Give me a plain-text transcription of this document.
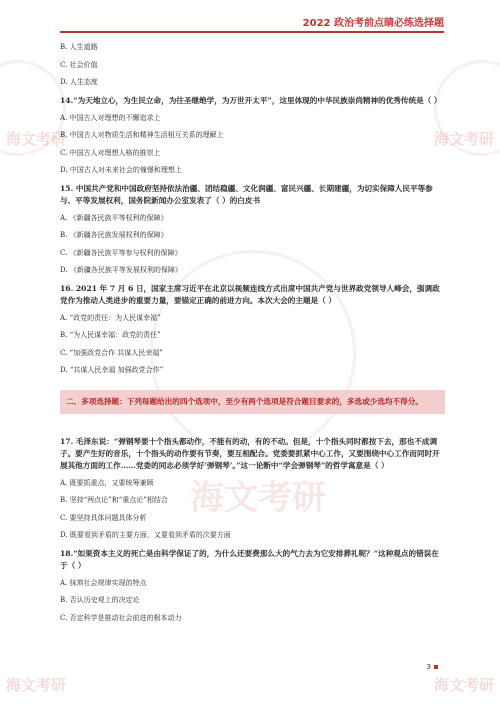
海文考研	海文考研
海文考研	海文考研
海文考研
2022 政治考前点睛必练选择题

B. 人生道路

C. 社会价值

D. 人生态度

14.“为天地立心，为生民立命，为往圣继绝学，为万世开太平”，这里体现的中华民族崇尚精神的优秀传统是（ ）

A. 中国古人对理想的不懈追求上

B. 中国古人对物质生活和精神生活相互关系的理解上

C. 中国古人对理想人格的推崇上

D. 中国古人对未来社会的憧憬和理想上

15. 中国共产党和中国政府坚持依法治疆、团结稳疆、文化润疆、富民兴疆、长期建疆，为切实保障人民平等参与、平等发展权利，国务院新闻办公室发表了（ ）的白皮书

A. 《新疆各民族平等权利的保障》

B. 《新疆各民族发展权利的保障》

C. 《新疆各民族平等参与权利的保障》

D. 《新疆各民族平等发展权利的保障》

16. 2021 年 7 月 6 日，国家主席习近平在北京以视频连线方式出席中国共产党与世界政党领导人峰会，强调政党作为推动人类进步的重要力量，要锚定正确的前进方向。本次大会的主题是（ ）

A. “政党的责任：为人民谋幸福”

B. “为人民谋幸福：政党的责任”

C. “加强政党合作 共谋人民幸福”

D. “共谋人民幸福 加强政党合作”

二、多项选择题：下列每题给出的四个选项中，至少有两个选项是符合题目要求的，多选或少选均不得分。

17. 毛泽东说：“弹钢琴要十个指头都动作，不能有的动，有的不动。但是，十个指头同时都按下去，那也不成调子。要产生好的音乐，十个指头的动作要有节奏，要互相配合。党委要抓紧中心工作，又要围绕中心工作而同时开展其他方面的工作……党委的同志必须学好‘弹钢琴’。”这一论断中“学会弹钢琴”的哲学寓意是（ ）

A. 既要抓重点，又要统筹兼顾

B. 坚持“两点论”和“重点论”相结合

C. 要坚持具体问题具体分析

D. 既要看到矛盾的主要方面，又要看到矛盾的次要方面

18.“如果资本主义的死亡是由科学保证了的，为什么还要费那么大的气力去为它安排葬礼呢？”这种观点的错误在于（ ）

A. 抹煞社会规律实现的特点

B. 否认历史观上的决定论

C. 否定科学是推动社会前进的根本动力

3
